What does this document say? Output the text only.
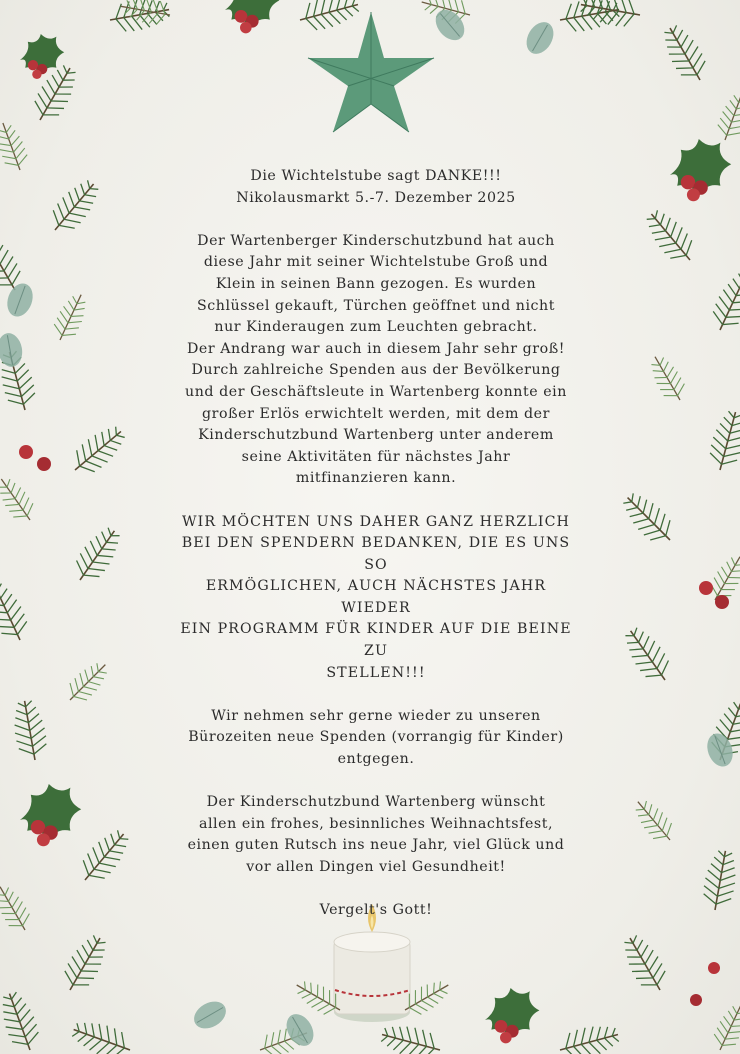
Die Wichtelstube sagt DANKE!!!
Nikolausmarkt 5.-7. Dezember 2025

Der Wartenberger Kinderschutzbund hat auch
diese Jahr mit seiner Wichtelstube Groß und
Klein in seinen Bann gezogen. Es wurden
Schlüssel gekauft, Türchen geöffnet und nicht
nur Kinderaugen zum Leuchten gebracht.
Der Andrang war auch in diesem Jahr sehr groß!
Durch zahlreiche Spenden aus der Bevölkerung
und der Geschäftsleute in Wartenberg konnte ein
großer Erlös erwichtelt werden, mit dem der
Kinderschutzbund Wartenberg unter anderem
seine Aktivitäten für nächstes Jahr
mitfinanzieren kann.

WIR MÖCHTEN UNS DAHER GANZ HERZLICH
BEI DEN SPENDERN BEDANKEN, DIE ES UNS SO
ERMÖGLICHEN, AUCH NÄCHSTES JAHR WIEDER
EIN PROGRAMM FÜR KINDER AUF DIE BEINE ZU
STELLEN!!!

Wir nehmen sehr gerne wieder zu unseren
Bürozeiten neue Spenden (vorrangig für Kinder)
entgegen.

Der Kinderschutzbund Wartenberg wünscht
allen ein frohes, besinnliches Weihnachtsfest,
einen guten Rutsch ins neue Jahr, viel Glück und
vor allen Dingen viel Gesundheit!

Vergelt's Gott!
